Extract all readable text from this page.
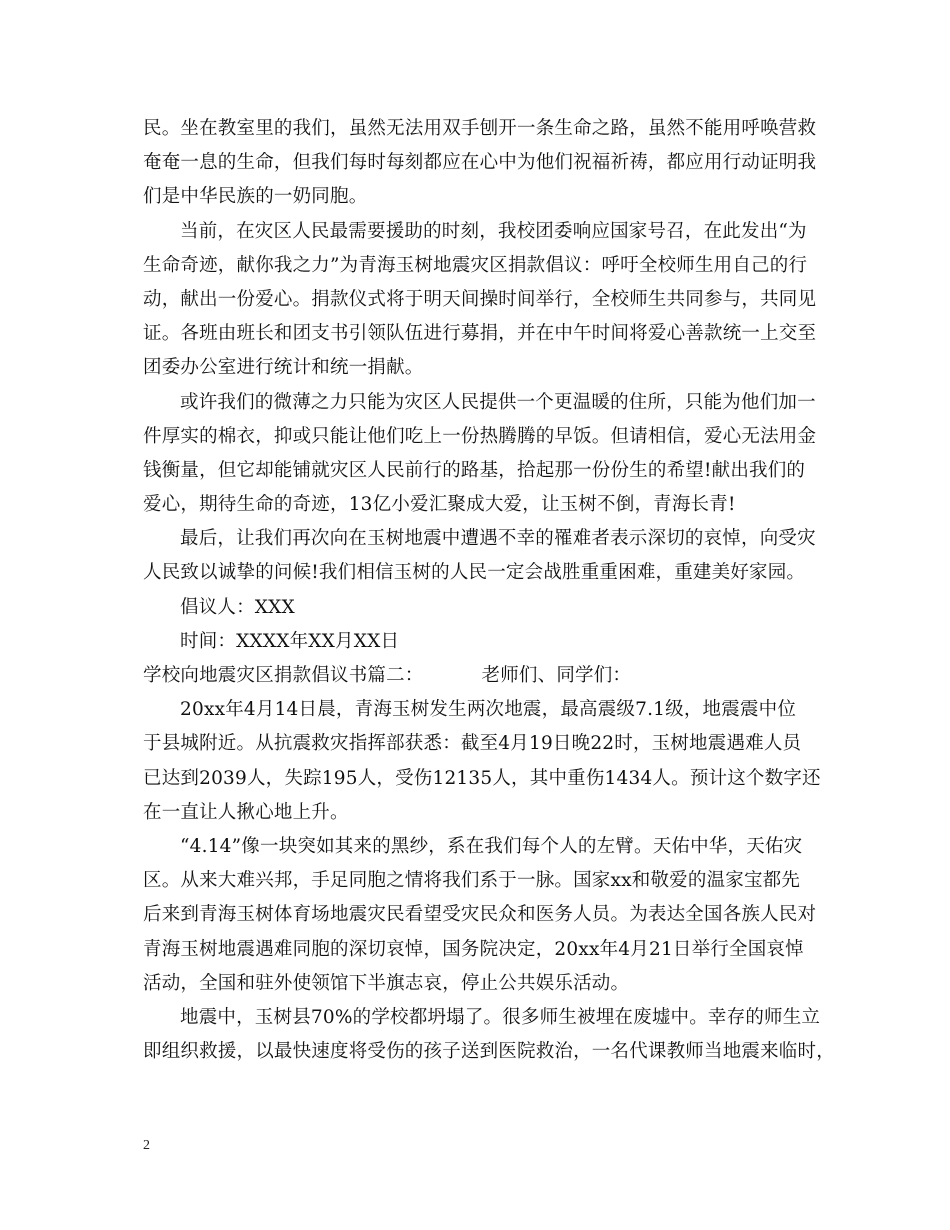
民。坐在教室里的我们，虽然无法用双手刨开一条生命之路，虽然不能用呼唤营救
奄奄一息的生命，但我们每时每刻都应在心中为他们祝福祈祷，都应用行动证明我
们是中华民族的一奶同胞。
当前，在灾区人民最需要援助的时刻，我校团委响应国家号召，在此发出“为
生命奇迹，献你我之力”为青海玉树地震灾区捐款倡议：呼吁全校师生用自己的行
动，献出一份爱心。捐款仪式将于明天间操时间举行，全校师生共同参与，共同见
证。各班由班长和团支书引领队伍进行募捐，并在中午时间将爱心善款统一上交至
团委办公室进行统计和统一捐献。
或许我们的微薄之力只能为灾区人民提供一个更温暖的住所，只能为他们加一
件厚实的棉衣，抑或只能让他们吃上一份热腾腾的早饭。但请相信，爱心无法用金
钱衡量，但它却能铺就灾区人民前行的路基，拾起那一份份生的希望!献出我们的
爱心，期待生命的奇迹，13亿小爱汇聚成大爱，让玉树不倒，青海长青!
最后，让我们再次向在玉树地震中遭遇不幸的罹难者表示深切的哀悼，向受灾
人民致以诚挚的问候!我们相信玉树的人民一定会战胜重重困难，重建美好家园。
倡议人：XXX
时间：XXXX年XX月XX日
学校向地震灾区捐款倡议书篇二：	老师们、同学们：
20xx年4月14日晨，青海玉树发生两次地震，最高震级7.1级，地震震中位
于县城附近。从抗震救灾指挥部获悉：截至4月19日晚22时，玉树地震遇难人员
已达到2039人，失踪195人，受伤12135人，其中重伤1434人。预计这个数字还
在一直让人揪心地上升。
“4.14”像一块突如其来的黑纱，系在我们每个人的左臂。天佑中华，天佑灾
区。从来大难兴邦，手足同胞之情将我们系于一脉。国家xx和敬爱的温家宝都先
后来到青海玉树体育场地震灾民看望受灾民众和医务人员。为表达全国各族人民对
青海玉树地震遇难同胞的深切哀悼，国务院决定，20xx年4月21日举行全国哀悼
活动，全国和驻外使领馆下半旗志哀，停止公共娱乐活动。
地震中，玉树县70%的学校都坍塌了。很多师生被埋在废墟中。幸存的师生立
即组织救援，以最快速度将受伤的孩子送到医院救治，一名代课教师当地震来临时，
2
